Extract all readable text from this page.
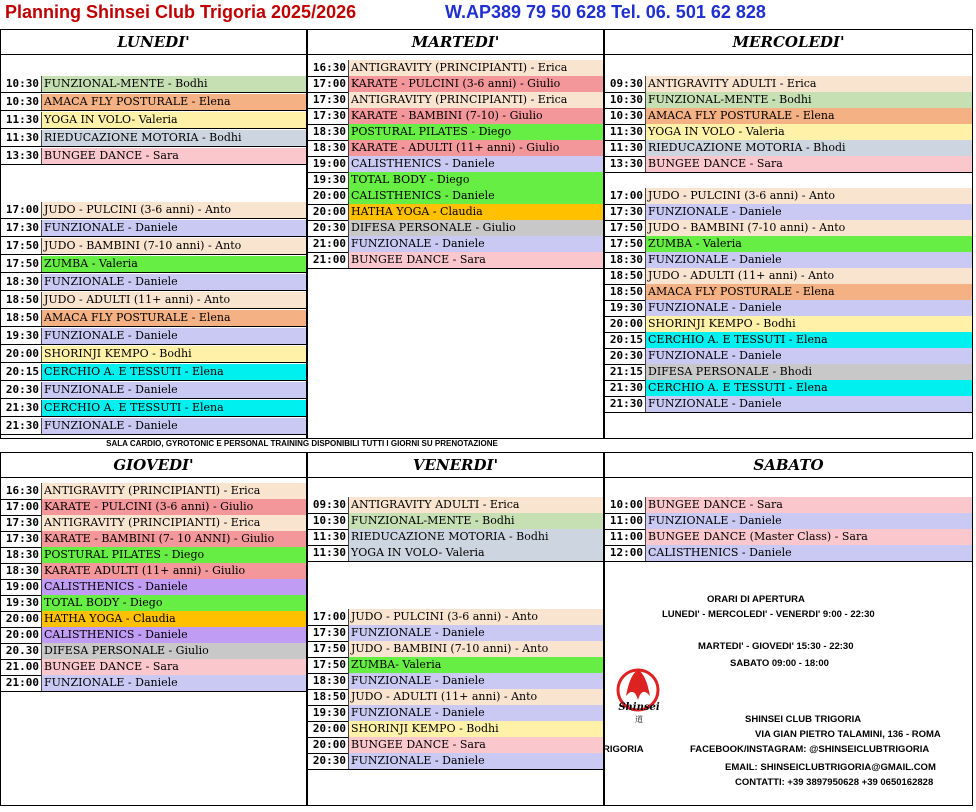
Planning Shinsei Club Trigoria 2025/2026	W.AP389 79 50 628 Tel. 06. 501 62 828
LUNEDI'
10:30 FUNZIONAL-MENTE - Bodhi
10:30 AMACA FLY POSTURALE - Elena
11:30 YOGA IN VOLO- Valeria
11:30 RIEDUCAZIONE MOTORIA - Bodhi
13:30 BUNGEE DANCE - Sara
17:00 JUDO - PULCINI (3-6 anni) - Anto
17:30 FUNZIONALE - Daniele
17:50 JUDO - BAMBINI (7-10 anni) - Anto
17:50 ZUMBA - Valeria
18:30 FUNZIONALE - Daniele
18:50 JUDO - ADULTI (11+ anni) - Anto
18:50 AMACA FLY POSTURALE - Elena
19:30 FUNZIONALE - Daniele
20:00 SHORINJI KEMPO - Bodhi
20:15 CERCHIO A. E TESSUTI - Elena
20:30 FUNZIONALE - Daniele
21:30 CERCHIO A. E TESSUTI - Elena
21:30 FUNZIONALE - Daniele
MARTEDI'
16:30 ANTIGRAVITY (PRINCIPIANTI) - Erica
17:00 KARATE - PULCINI (3-6 anni) - Giulio
17:30 ANTIGRAVITY (PRINCIPIANTI) - Erica
17:30 KARATE - BAMBINI (7-10) - Giulio
18:30 POSTURAL PILATES - Diego
18:30 KARATE - ADULTI (11+ anni) - Giulio
19:00 CALISTHENICS - Daniele
19:30 TOTAL BODY - Diego
20:00 CALISTHENICS - Daniele
20:00 HATHA YOGA - Claudia
20:30 DIFESA PERSONALE - Giulio
21:00 FUNZIONALE - Daniele
21:00 BUNGEE DANCE - Sara
MERCOLEDI'
09:30 ANTIGRAVITY ADULTI - Erica
10:30 FUNZIONAL-MENTE - Bodhi
10:30 AMACA FLY POSTURALE - Elena
11:30 YOGA IN VOLO - Valeria
11:30 RIEDUCAZIONE MOTORIA - Bhodi
13:30 BUNGEE DANCE - Sara
17:00 JUDO - PULCINI (3-6 anni) - Anto
17:30 FUNZIONALE - Daniele
17:50 JUDO - BAMBINI (7-10 anni) - Anto
17:50 ZUMBA - Valeria
18:30 FUNZIONALE - Daniele
18:50 JUDO - ADULTI (11+ anni) - Anto
18:50 AMACA FLY POSTURALE - Elena
19:30 FUNZIONALE - Daniele
20:00 SHORINJI KEMPO - Bodhi
20:15 CERCHIO A. E TESSUTI - Elena
20:30 FUNZIONALE - Daniele
21:15 DIFESA PERSONALE - Bhodi
21:30 CERCHIO A. E TESSUTI - Elena
21:30 FUNZIONALE - Daniele
GIOVEDI'
16:30 ANTIGRAVITY (PRINCIPIANTI) - Erica
17:00 KARATE - PULCINI (3-6 anni) - Giulio
17:30 ANTIGRAVITY (PRINCIPIANTI) - Erica
17:30 KARATE - BAMBINI (7- 10 ANNI) - Giulio
18:30 POSTURAL PILATES - Diego
18:30 KARATE ADULTI (11+ anni) - Giulio
19:00 CALISTHENICS - Daniele
19:30 TOTAL BODY - Diego
20:00 HATHA YOGA - Claudia
20:00 CALISTHENICS - Daniele
20.30 DIFESA PERSONALE - Giulio
21.00 BUNGEE DANCE - Sara
21:00 FUNZIONALE - Daniele
VENERDI'
09:30 ANTIGRAVITY ADULTI - Erica
10:30 FUNZIONAL-MENTE - Bodhi
11:30 RIEDUCAZIONE MOTORIA - Bodhi
11:30 YOGA IN VOLO- Valeria
17:00 JUDO - PULCINI (3-6 anni) - Anto
17:30 FUNZIONALE - Daniele
17:50 JUDO - BAMBINI (7-10 anni) - Anto
17:50 ZUMBA- Valeria
18:30 FUNZIONALE - Daniele
18:50 JUDO - ADULTI (11+ anni) - Anto
19:30 FUNZIONALE - Daniele
20:00 SHORINJI KEMPO - Bodhi
20:00 BUNGEE DANCE - Sara
20:30 FUNZIONALE - Daniele
SABATO
10:00 BUNGEE DANCE - Sara
11:00 FUNZIONALE - Daniele
11:00 BUNGEE DANCE (Master Class) - Sara
12:00 CALISTHENICS - Daniele
SALA CARDIO, GYROTONIC E PERSONAL TRAINING DISPONIBILI TUTTI I GIORNI SU PRENOTAZIONE
ORARI DI APERTURA
LUNEDI' - MERCOLEDI' - VENERDI' 9:00 - 22:30
MARTEDI' - GIOVEDI' 15:30 - 22:30
SABATO 09:00 - 18:00
Shinsei
道
RIGORIA
SHINSEI CLUB TRIGORIA
VIA GIAN PIETRO TALAMINI, 136 - ROMA
FACEBOOK/INSTAGRAM: @SHINSEICLUBTRIGORIA
EMAIL: SHINSEICLUBTRIGORIA@GMAIL.COM
CONTATTI: +39 3897950628 +39 0650162828
